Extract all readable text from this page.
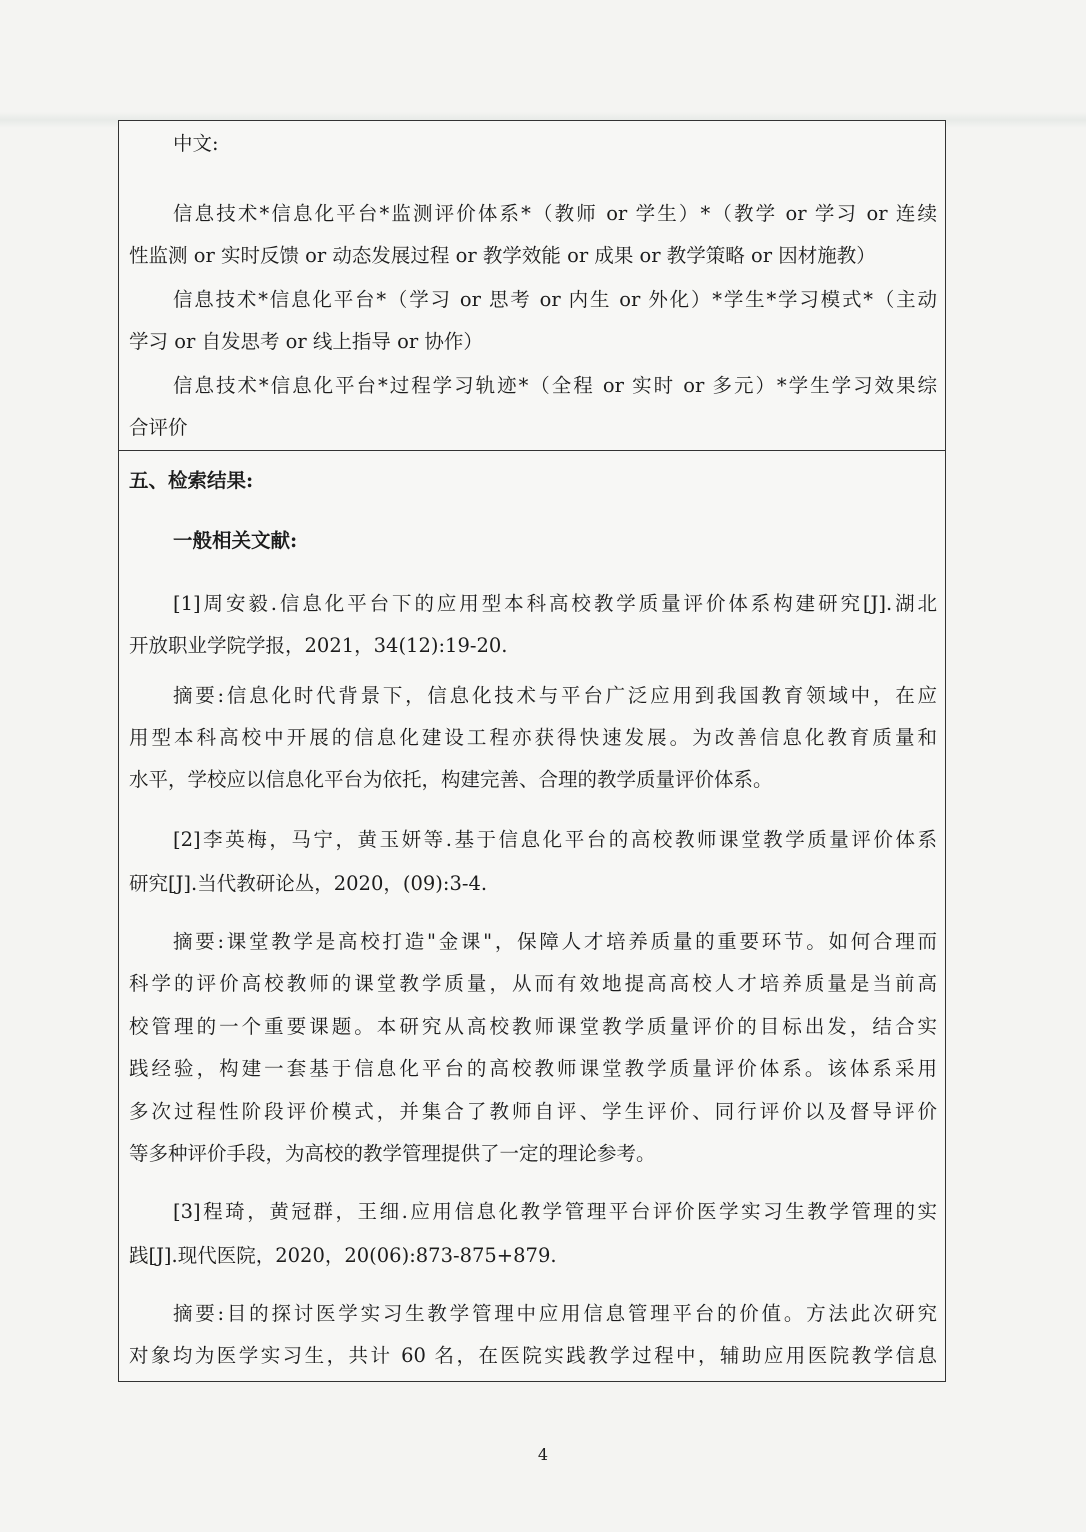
中文:
信息技术*信息化平台*监测评价体系*（教师 or 学生）*（教学 or 学习 or 连续
性监测 or 实时反馈 or 动态发展过程 or 教学效能 or 成果 or 教学策略 or 因材施教）
信息技术*信息化平台*（学习 or 思考 or 内生 or 外化）*学生*学习模式*（主动
学习 or 自发思考 or 线上指导 or 协作）
信息技术*信息化平台*过程学习轨迹*（全程 or 实时 or 多元）*学生学习效果综
合评价
五、检索结果:
一般相关文献:
[1]周安毅.信息化平台下的应用型本科高校教学质量评价体系构建研究[J].湖北
开放职业学院学报，2021，34(12):19-20.
摘要:信息化时代背景下，信息化技术与平台广泛应用到我国教育领域中，在应
用型本科高校中开展的信息化建设工程亦获得快速发展。为改善信息化教育质量和
水平，学校应以信息化平台为依托，构建完善、合理的教学质量评价体系。
[2]李英梅，马宁，黄玉妍等.基于信息化平台的高校教师课堂教学质量评价体系
研究[J].当代教研论丛，2020，(09):3-4.
摘要:课堂教学是高校打造"金课"，保障人才培养质量的重要环节。如何合理而
科学的评价高校教师的课堂教学质量，从而有效地提高高校人才培养质量是当前高
校管理的一个重要课题。本研究从高校教师课堂教学质量评价的目标出发，结合实
践经验，构建一套基于信息化平台的高校教师课堂教学质量评价体系。该体系采用
多次过程性阶段评价模式，并集合了教师自评、学生评价、同行评价以及督导评价
等多种评价手段，为高校的教学管理提供了一定的理论参考。
[3]程琦，黄冠群，王细.应用信息化教学管理平台评价医学实习生教学管理的实
践[J].现代医院，2020，20(06):873-875+879.
摘要:目的探讨医学实习生教学管理中应用信息管理平台的价值。方法此次研究
对象均为医学实习生，共计 60 名，在医院实践教学过程中，辅助应用医院教学信息
4
